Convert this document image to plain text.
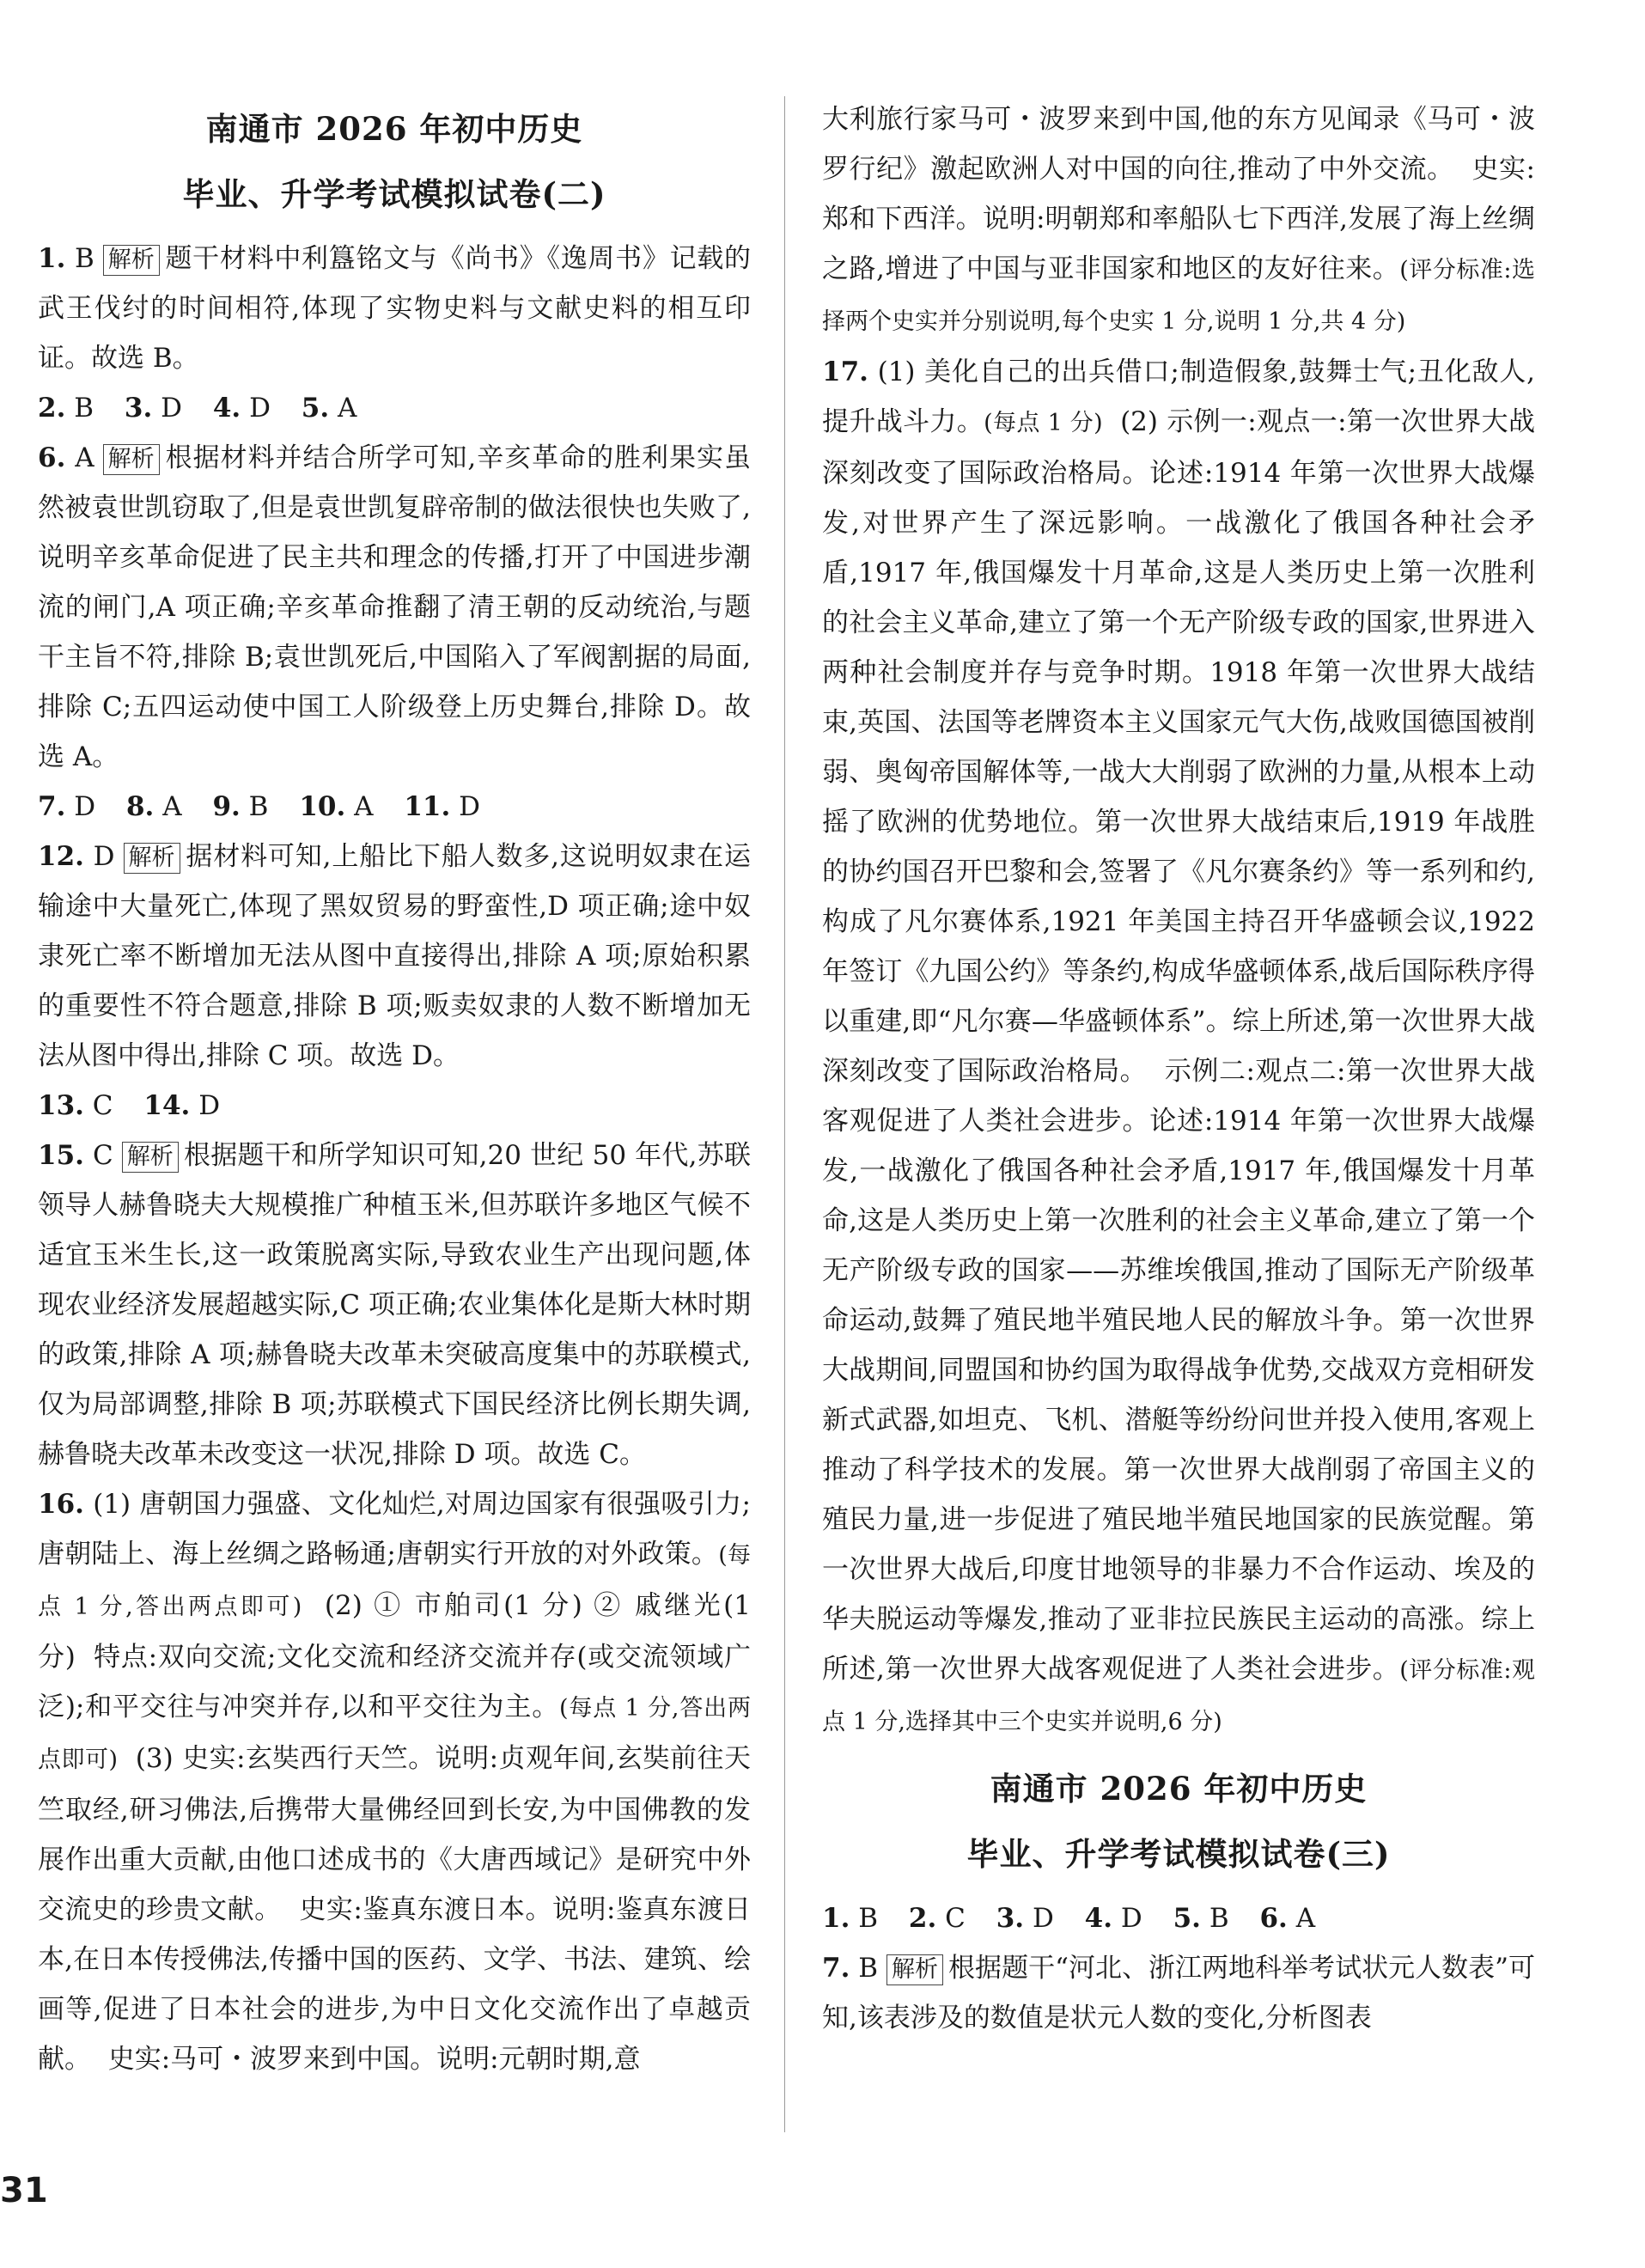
南通市 2026 年初中历史
毕业、升学考试模拟试卷(二)

1. B 解析 题干材料中利簋铭文与《尚书》《逸周书》记载的武王伐纣的时间相符,体现了实物史料与文献史料的相互印证。故选 B。

2. B 3. D 4. D 5. A

6. A 解析 根据材料并结合所学可知,辛亥革命的胜利果实虽然被袁世凯窃取了,但是袁世凯复辟帝制的做法很快也失败了,说明辛亥革命促进了民主共和理念的传播,打开了中国进步潮流的闸门,A 项正确;辛亥革命推翻了清王朝的反动统治,与题干主旨不符,排除 B;袁世凯死后,中国陷入了军阀割据的局面,排除 C;五四运动使中国工人阶级登上历史舞台,排除 D。故选 A。

7. D 8. A 9. B 10. A 11. D

12. D 解析 据材料可知,上船比下船人数多,这说明奴隶在运输途中大量死亡,体现了黑奴贸易的野蛮性,D 项正确;途中奴隶死亡率不断增加无法从图中直接得出,排除 A 项;原始积累的重要性不符合题意,排除 B 项;贩卖奴隶的人数不断增加无法从图中得出,排除 C 项。故选 D。

13. C 14. D

15. C 解析 根据题干和所学知识可知,20 世纪 50 年代,苏联领导人赫鲁晓夫大规模推广种植玉米,但苏联许多地区气候不适宜玉米生长,这一政策脱离实际,导致农业生产出现问题,体现农业经济发展超越实际,C 项正确;农业集体化是斯大林时期的政策,排除 A 项;赫鲁晓夫改革未突破高度集中的苏联模式,仅为局部调整,排除 B 项;苏联模式下国民经济比例长期失调,赫鲁晓夫改革未改变这一状况,排除 D 项。故选 C。

16. (1) 唐朝国力强盛、文化灿烂,对周边国家有很强吸引力;唐朝陆上、海上丝绸之路畅通;唐朝实行开放的对外政策。(每点 1 分,答出两点即可) (2) ① 市舶司(1 分) ② 戚继光(1 分) 特点:双向交流;文化交流和经济交流并存(或交流领域广泛);和平交往与冲突并存,以和平交往为主。(每点 1 分,答出两点即可) (3) 史实:玄奘西行天竺。说明:贞观年间,玄奘前往天竺取经,研习佛法,后携带大量佛经回到长安,为中国佛教的发展作出重大贡献,由他口述成书的《大唐西域记》是研究中外交流史的珍贵文献。 史实:鉴真东渡日本。说明:鉴真东渡日本,在日本传授佛法,传播中国的医药、文学、书法、建筑、绘画等,促进了日本社会的进步,为中日文化交流作出了卓越贡献。 史实:马可・波罗来到中国。说明:元朝时期,意

大利旅行家马可・波罗来到中国,他的东方见闻录《马可・波罗行纪》激起欧洲人对中国的向往,推动了中外交流。 史实:郑和下西洋。说明:明朝郑和率船队七下西洋,发展了海上丝绸之路,增进了中国与亚非国家和地区的友好往来。(评分标准:选择两个史实并分别说明,每个史实 1 分,说明 1 分,共 4 分)

17. (1) 美化自己的出兵借口;制造假象,鼓舞士气;丑化敌人,提升战斗力。(每点 1 分) (2) 示例一:观点一:第一次世界大战深刻改变了国际政治格局。论述:1914 年第一次世界大战爆发,对世界产生了深远影响。一战激化了俄国各种社会矛盾,1917 年,俄国爆发十月革命,这是人类历史上第一次胜利的社会主义革命,建立了第一个无产阶级专政的国家,世界进入两种社会制度并存与竞争时期。1918 年第一次世界大战结束,英国、法国等老牌资本主义国家元气大伤,战败国德国被削弱、奥匈帝国解体等,一战大大削弱了欧洲的力量,从根本上动摇了欧洲的优势地位。第一次世界大战结束后,1919 年战胜的协约国召开巴黎和会,签署了《凡尔赛条约》等一系列和约,构成了凡尔赛体系,1921 年美国主持召开华盛顿会议,1922 年签订《九国公约》等条约,构成华盛顿体系,战后国际秩序得以重建,即“凡尔赛—华盛顿体系”。综上所述,第一次世界大战深刻改变了国际政治格局。 示例二:观点二:第一次世界大战客观促进了人类社会进步。论述:1914 年第一次世界大战爆发,一战激化了俄国各种社会矛盾,1917 年,俄国爆发十月革命,这是人类历史上第一次胜利的社会主义革命,建立了第一个无产阶级专政的国家——苏维埃俄国,推动了国际无产阶级革命运动,鼓舞了殖民地半殖民地人民的解放斗争。第一次世界大战期间,同盟国和协约国为取得战争优势,交战双方竞相研发新式武器,如坦克、飞机、潜艇等纷纷问世并投入使用,客观上推动了科学技术的发展。第一次世界大战削弱了帝国主义的殖民力量,进一步促进了殖民地半殖民地国家的民族觉醒。第一次世界大战后,印度甘地领导的非暴力不合作运动、埃及的华夫脱运动等爆发,推动了亚非拉民族民主运动的高涨。综上所述,第一次世界大战客观促进了人类社会进步。(评分标准:观点 1 分,选择其中三个史实并说明,6 分)

南通市 2026 年初中历史
毕业、升学考试模拟试卷(三)

1. B 2. C 3. D 4. D 5. B 6. A

7. B 解析 根据题干“河北、浙江两地科举考试状元人数表”可知,该表涉及的数值是状元人数的变化,分析图表

31
